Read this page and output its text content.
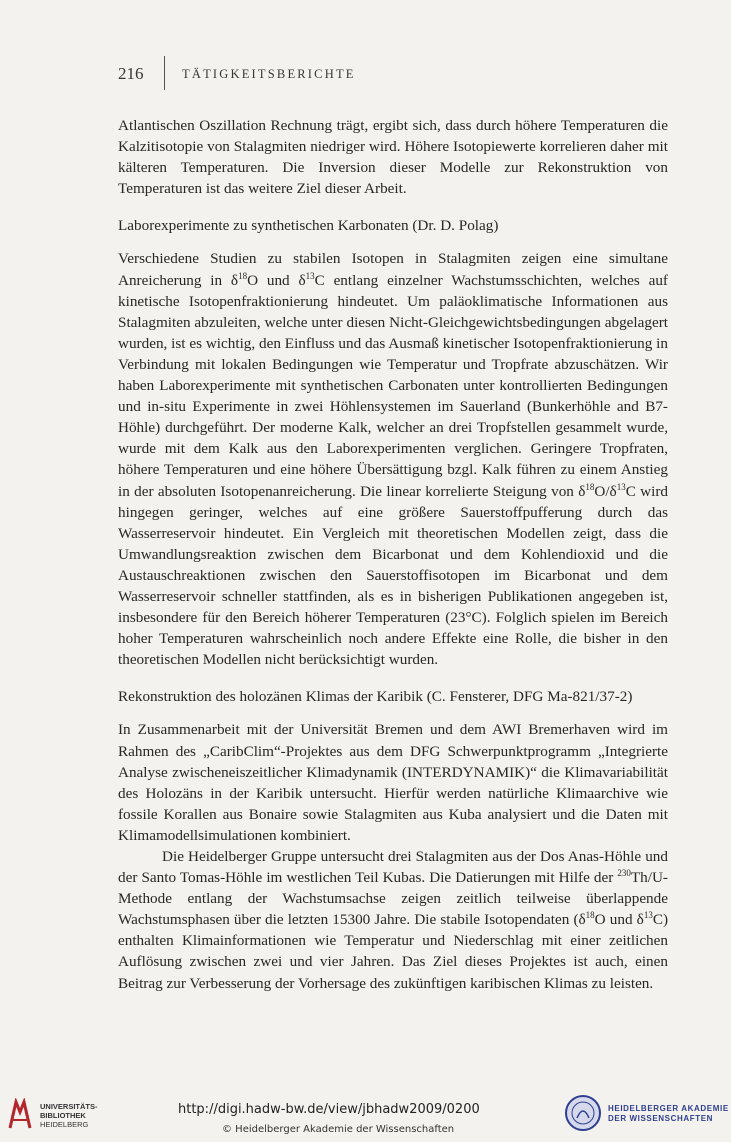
216	TÄTIGKEITSBERICHTE

Atlantischen Oszillation Rechnung trägt, ergibt sich, dass durch höhere Temperaturen die Kalzitisotopie von Stalagmiten niedriger wird. Höhere Isotopiewerte korrelieren daher mit kälteren Temperaturen. Die Inversion dieser Modelle zur Rekonstruktion von Temperaturen ist das weitere Ziel dieser Arbeit.

Laborexperimente zu synthetischen Karbonaten (Dr. D. Polag)

Verschiedene Studien zu stabilen Isotopen in Stalagmiten zeigen eine simultane Anreicherung in $\delta^{18}O$ und $\delta^{13}C$ entlang einzelner Wachstumsschichten, welches auf kinetische Isotopenfraktionierung hindeutet. Um paläoklimatische Informationen aus Stalagmiten abzuleiten, welche unter diesen Nicht-Gleichgewichtsbedingungen abgelagert wurden, ist es wichtig, den Einfluss und das Ausmaß kinetischer Isotopenfraktionierung in Verbindung mit lokalen Bedingungen wie Temperatur und Tropfrate abzuschätzen. Wir haben Laborexperimente mit synthetischen Carbonaten unter kontrollierten Bedingungen und in-situ Experimente in zwei Höhlensystemen im Sauerland (Bunkerhöhle and B7-Höhle) durchgeführt. Der moderne Kalk, welcher an drei Tropfstellen gesammelt wurde, wurde mit dem Kalk aus den Laborexperimenten verglichen. Geringere Tropfraten, höhere Temperaturen und eine höhere Übersättigung bzgl. Kalk führen zu einem Anstieg in der absoluten Isotopenanreicherung. Die linear korrelierte Steigung von $\delta^{18}O/\delta^{13}C$ wird hingegen geringer, welches auf eine größere Sauerstoffpufferung durch das Wasserreservoir hindeutet. Ein Vergleich mit theoretischen Modellen zeigt, dass die Umwandlungsreaktion zwischen dem Bicarbonat und dem Kohlendioxid und die Austauschreaktionen zwischen den Sauerstoffisotopen im Bicarbonat und dem Wasserreservoir schneller stattfinden, als es in bisherigen Publikationen angegeben ist, insbesondere für den Bereich höherer Temperaturen (23°C). Folglich spielen im Bereich hoher Temperaturen wahrscheinlich noch andere Effekte eine Rolle, die bisher in den theoretischen Modellen nicht berücksichtigt wurden.

Rekonstruktion des holozänen Klimas der Karibik (C. Fensterer, DFG Ma-821/37-2)

In Zusammenarbeit mit der Universität Bremen und dem AWI Bremerhaven wird im Rahmen des „CaribClim“-Projektes aus dem DFG Schwerpunktprogramm „Integrierte Analyse zwischeneiszeitlicher Klimadynamik (INTERDYNAMIK)“ die Klimavariabilität des Holozäns in der Karibik untersucht. Hierfür werden natürliche Klimaarchive wie fossile Korallen aus Bonaire sowie Stalagmiten aus Kuba analysiert und die Daten mit Klimamodellsimulationen kombiniert.

Die Heidelberger Gruppe untersucht drei Stalagmiten aus der Dos Anas-Höhle und der Santo Tomas-Höhle im westlichen Teil Kubas. Die Datierungen mit Hilfe der $^{230}$Th/U-Methode entlang der Wachstumsachse zeigen zeitlich teilweise überlappende Wachstumsphasen über die letzten 15300 Jahre. Die stabile Isotopendaten ($\delta^{18}O$ und $\delta^{13}C$) enthalten Klimainformationen wie Temperatur und Niederschlag mit einer zeitlichen Auflösung zwischen zwei und vier Jahren. Das Ziel dieses Projektes ist auch, einen Beitrag zur Verbesserung der Vorhersage des zukünftigen karibischen Klimas zu leisten.

UNIVERSITÄTS-
BIBLIOTHEK
HEIDELBERG
http://digi.hadw-bw.de/view/jbhadw2009/0200
© Heidelberger Akademie der Wissenschaften
HEIDELBERGER AKADEMIE
DER WISSENSCHAFTEN
